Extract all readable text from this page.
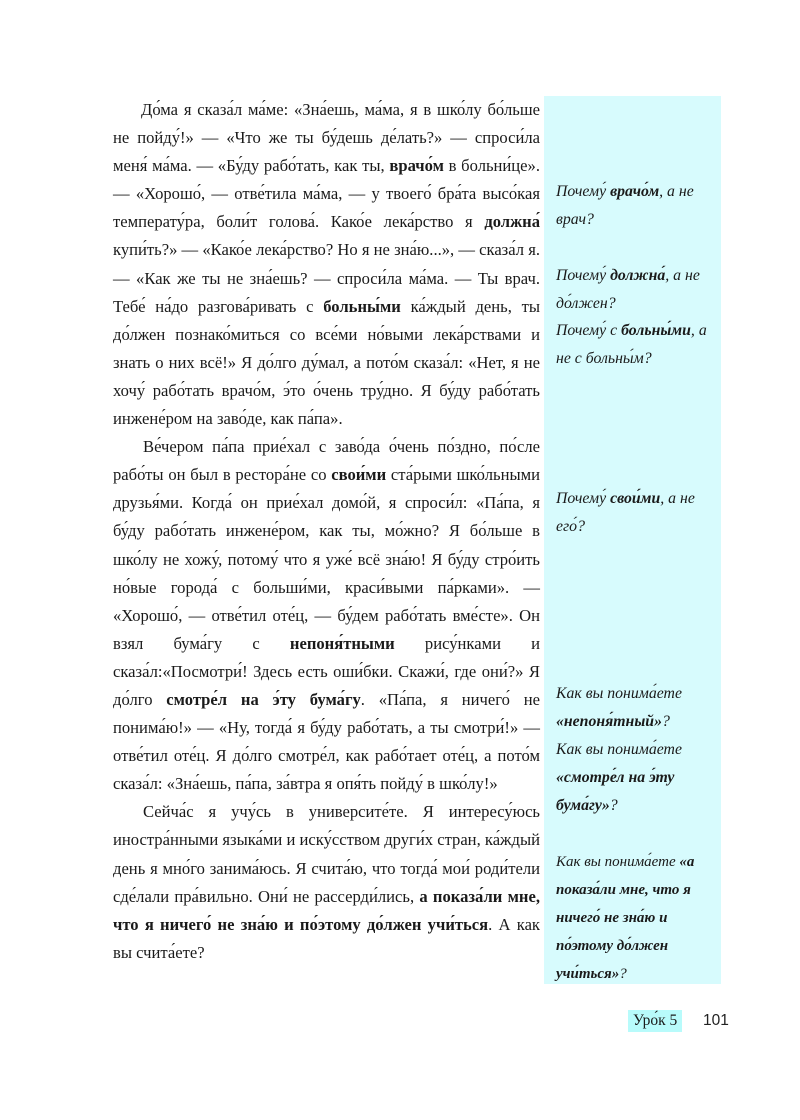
До́ма я сказа́л ма́ме: «Зна́ешь, ма́ма, я в шко́лу бо́льше не пойду́!» — «Что же ты бу́дешь де́лать?» — спроси́ла меня́ ма́ма. — «Бу́ду рабо́тать, как ты, врачо́м в больни́це». — «Хорошо́, — отве́тила ма́ма, — у твоего́ бра́та высо́кая температу́ра, боли́т голова́. Како́е лека́рство я должна́ купи́ть?» — «Како́е лека́рство? Но я не зна́ю...», — сказа́л я. — «Как же ты не зна́ешь? — спроси́ла ма́ма. — Ты врач. Тебе́ на́до разгова́ривать с больны́ми ка́ждый день, ты до́лжен познако́миться со все́ми но́выми лека́рствами и знать о них всё!» Я до́лго ду́мал, а пото́м сказа́л: «Нет, я не хочу́ рабо́тать врачо́м, э́то о́чень тру́дно. Я бу́ду рабо́тать инжене́ром на заво́де, как па́па».

Ве́чером па́па прие́хал с заво́да о́чень по́здно, по́сле рабо́ты он был в рестора́не со свои́ми ста́рыми шко́льными друзья́ми. Когда́ он прие́хал домо́й, я спроси́л: «Па́па, я бу́ду рабо́тать инжене́ром, как ты, мо́жно? Я бо́льше в шко́лу не хожу́, потому́ что я уже́ всё зна́ю! Я бу́ду стро́ить но́вые города́ с больши́ми, краси́выми па́рками». — «Хорошо́, — отве́тил оте́ц, — бу́дем рабо́тать вме́сте». Он взял бума́гу с непоня́тными рису́нками и сказа́л:«Посмотри́! Здесь есть оши́бки. Скажи́, где они́?» Я до́лго смотре́л на э́ту бума́гу. «Па́па, я ничего́ не понима́ю!» — «Ну, тогда́ я бу́ду рабо́тать, а ты смотри́!» — отве́тил оте́ц. Я до́лго смотре́л, как рабо́тает оте́ц, а пото́м сказа́л: «Зна́ешь, па́па, за́втра я опя́ть пойду́ в шко́лу!»

Сейча́с я учу́сь в университе́те. Я интересу́юсь иностра́нными языка́ми и иску́сством други́х стран, ка́ждый день я мно́го занима́юсь. Я счита́ю, что тогда́ мои́ роди́тели сде́лали пра́вильно. Они́ не рассерди́лись, а показа́ли мне, что я ничего́ не зна́ю и по́этому до́лжен учи́ться. А как вы счита́ете?

Почему́ врачо́м, а не врач?
Почему́ должна́, а не до́лжен?
Почему́ с больны́ми, а не с больны́м?
Почему́ свои́ми, а не его́?
Как вы понима́ете «непоня́тный»?
Как вы понима́ете «смотре́л на э́ту бума́гу»?
Как вы понима́ете «а показа́ли мне, что я ничего́ не зна́ю и по́этому до́лжен учи́ться»?
Уро́к 5	101
